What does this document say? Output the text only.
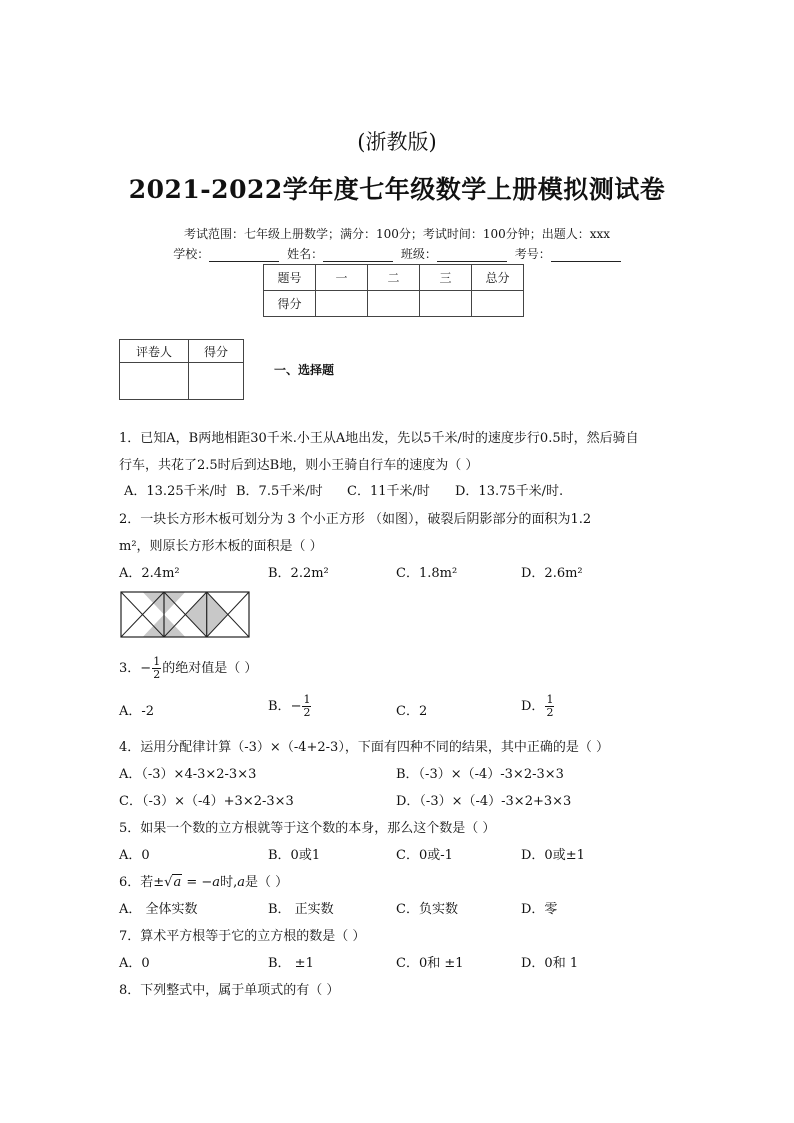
(浙教版)
2021-2022学年度七年级数学上册模拟测试卷
考试范围：七年级上册数学；满分：100分；考试时间：100分钟；出题人：xxx
学校：	姓名：	班级：	考号：
题号	一	二	三	总分
得分				
评卷人	得分

一、选择题
1．已知A，B两地相距30千米.小王从A地出发，先以5千米/时的速度步行0.5时，然后骑自
行车，共花了2.5时后到达B地，则小王骑自行车的速度为（ ）
A．13.25千米/时 B．7.5千米/时 C．11千米/时 D．13.75千米/时.
2．一块长方形木板可划分为 3 个小正方形 （如图），破裂后阴影部分的面积为1.2
m²，则原长方形木板的面积是（ ）
A．2.4m²	B．2.2m²	C．1.8m²	D．2.6m²
3．− $\frac{1}{2}$ 的绝对值是（ ）
A．-2	B．− $\frac{1}{2}$	C．2	D． $\frac{1}{2}$
4．运用分配律计算（-3）×（-4+2-3），下面有四种不同的结果，其中正确的是（ ）
A．（-3）×4-3×2-3×3	B．（-3）×（-4）-3×2-3×3
C．（-3）×（-4）+3×2-3×3	D．（-3）×（-4）-3×2+3×3
5．如果一个数的立方根就等于这个数的本身，那么这个数是（ ）
A．0	B．0或1	C．0或-1	D．0或±1
6．若±√a = −a时,a是（ ）
A． 全体实数	B． 正实数	C．负实数	D．零
7．算术平方根等于它的立方根的数是（ ）
A．0	B． ±1	C．0和 ±1	D．0和 1
8．下列整式中，属于单项式的有（ ）
